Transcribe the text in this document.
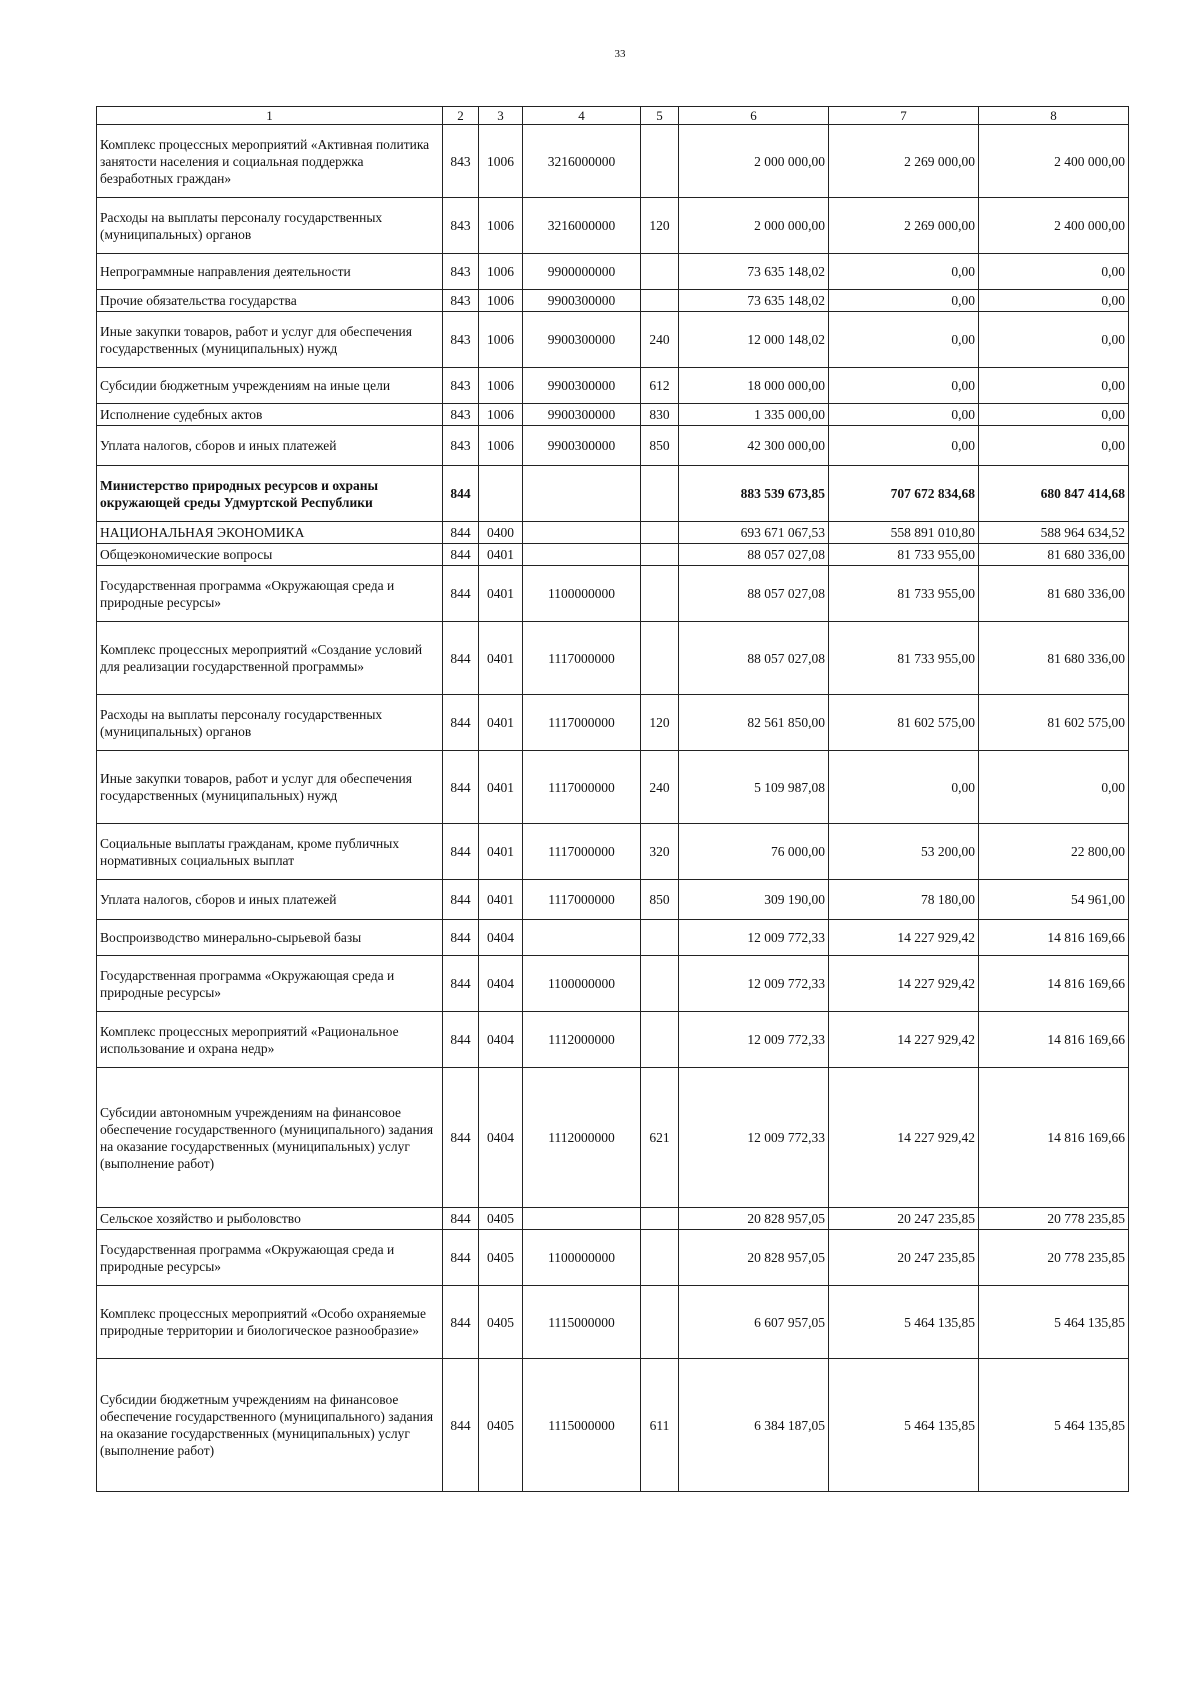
33
1	2	3	4	5	6	7	8
Комплекс процессных мероприятий «Активная политика занятости населения и социальная поддержка безработных граждан»	843	1006	3216000000		2 000 000,00	2 269 000,00	2 400 000,00
Расходы на выплаты персоналу государственных (муниципальных) органов	843	1006	3216000000	120	2 000 000,00	2 269 000,00	2 400 000,00
Непрограммные направления деятельности	843	1006	9900000000		73 635 148,02	0,00	0,00
Прочие обязательства государства	843	1006	9900300000		73 635 148,02	0,00	0,00
Иные закупки товаров, работ и услуг для обеспечения государственных (муниципальных) нужд	843	1006	9900300000	240	12 000 148,02	0,00	0,00
Субсидии бюджетным учреждениям на иные цели	843	1006	9900300000	612	18 000 000,00	0,00	0,00
Исполнение судебных актов	843	1006	9900300000	830	1 335 000,00	0,00	0,00
Уплата налогов, сборов и иных платежей	843	1006	9900300000	850	42 300 000,00	0,00	0,00
Министерство природных ресурсов и охраны окружающей среды Удмуртской Республики	844				883 539 673,85	707 672 834,68	680 847 414,68
НАЦИОНАЛЬНАЯ ЭКОНОМИКА	844	0400			693 671 067,53	558 891 010,80	588 964 634,52
Общеэкономические вопросы	844	0401			88 057 027,08	81 733 955,00	81 680 336,00
Государственная программа «Окружающая среда и природные ресурсы»	844	0401	1100000000		88 057 027,08	81 733 955,00	81 680 336,00
Комплекс процессных мероприятий «Создание условий для реализации государственной программы»	844	0401	1117000000		88 057 027,08	81 733 955,00	81 680 336,00
Расходы на выплаты персоналу государственных (муниципальных) органов	844	0401	1117000000	120	82 561 850,00	81 602 575,00	81 602 575,00
Иные закупки товаров, работ и услуг для обеспечения государственных (муниципальных) нужд	844	0401	1117000000	240	5 109 987,08	0,00	0,00
Социальные выплаты гражданам, кроме публичных нормативных социальных выплат	844	0401	1117000000	320	76 000,00	53 200,00	22 800,00
Уплата налогов, сборов и иных платежей	844	0401	1117000000	850	309 190,00	78 180,00	54 961,00
Воспроизводство минерально-сырьевой базы	844	0404			12 009 772,33	14 227 929,42	14 816 169,66
Государственная программа «Окружающая среда и природные ресурсы»	844	0404	1100000000		12 009 772,33	14 227 929,42	14 816 169,66
Комплекс процессных мероприятий «Рациональное использование и охрана недр»	844	0404	1112000000		12 009 772,33	14 227 929,42	14 816 169,66
Субсидии автономным учреждениям на финансовое обеспечение государственного (муниципального) задания на оказание государственных (муниципальных) услуг (выполнение работ)	844	0404	1112000000	621	12 009 772,33	14 227 929,42	14 816 169,66
Сельское хозяйство и рыболовство	844	0405			20 828 957,05	20 247 235,85	20 778 235,85
Государственная программа «Окружающая среда и природные ресурсы»	844	0405	1100000000		20 828 957,05	20 247 235,85	20 778 235,85
Комплекс процессных мероприятий «Особо охраняемые природные территории и биологическое разнообразие»	844	0405	1115000000		6 607 957,05	5 464 135,85	5 464 135,85
Субсидии бюджетным учреждениям на финансовое обеспечение государственного (муниципального) задания на оказание государственных (муниципальных) услуг (выполнение работ)	844	0405	1115000000	611	6 384 187,05	5 464 135,85	5 464 135,85
